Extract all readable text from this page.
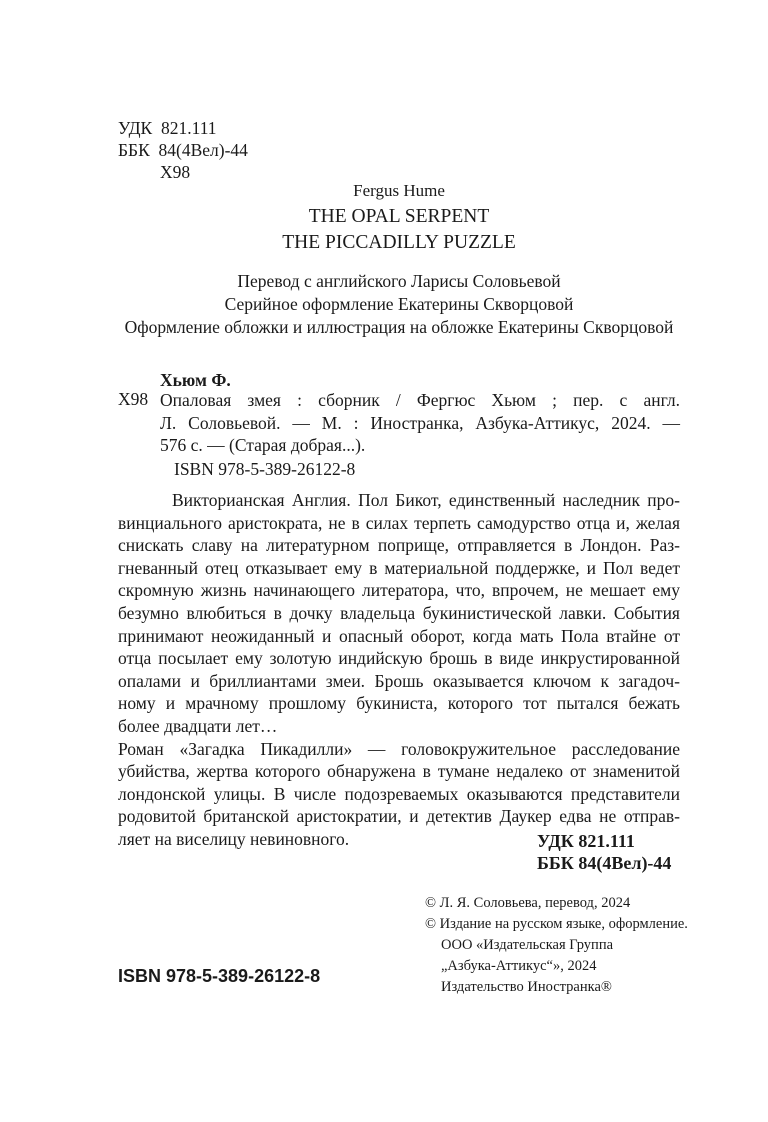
УДК  821.111
ББК  84(4Вел)-44
Х98
Fergus Hume
THE OPAL SERPENT
THE PICCADILLY PUZZLE
Перевод с английского Ларисы Соловьевой
Серийное оформление Екатерины Скворцовой
Оформление обложки и иллюстрация на обложке Екатерины Скворцовой
Хьюм Ф.
Х98 Опаловая змея : сборник / Фергюс Хьюм ; пер. с англ.
Л. Соловьевой. — М. : Иностранка, Азбука-Аттикус, 2024. —
576 с. — (Старая добрая...).
ISBN 978-5-389-26122-8
Викторианская Англия. Пол Бикот, единственный наследник про-
винциального аристократа, не в силах терпеть самодурство отца и, желая
снискать славу на литературном поприще, отправляется в Лондон. Раз-
гневанный отец отказывает ему в материальной поддержке, и Пол ведет
скромную жизнь начинающего литератора, что, впрочем, не мешает ему
безумно влюбиться в дочку владельца букинистической лавки. События
принимают неожиданный и опасный оборот, когда мать Пола втайне от
отца посылает ему золотую индийскую брошь в виде инкрустированной
опалами и бриллиантами змеи. Брошь оказывается ключом к загадоч-
ному и мрачному прошлому букиниста, которого тот пытался бежать
более двадцати лет…
Роман «Загадка Пикадилли» — головокружительное расследование
убийства, жертва которого обнаружена в тумане недалеко от знаменитой
лондонской улицы. В числе подозреваемых оказываются представители
родовитой британской аристократии, и детектив Даукер едва не отправ-
ляет на виселицу невиновного.	УДК 821.111
ББК 84(4Вел)-44
© Л. Я. Соловьева, перевод, 2024
© Издание на русском языке, оформление.
ООО «Издательская Группа
„Азбука-Аттикус“», 2024
Издательство Иностранка®
ISBN 978-5-389-26122-8
